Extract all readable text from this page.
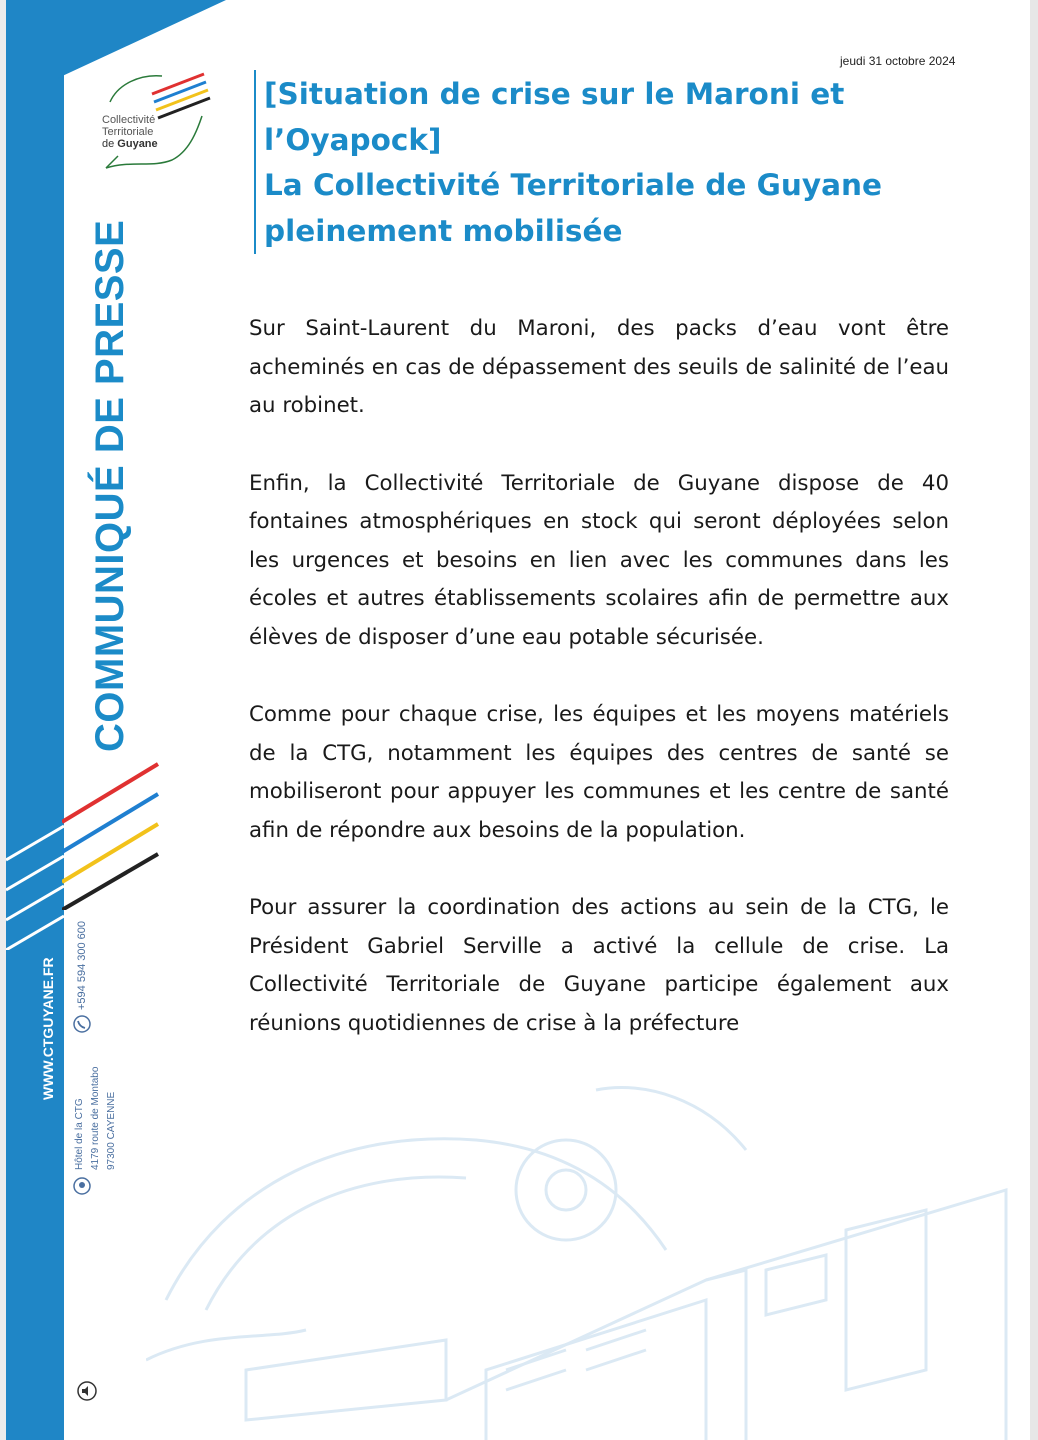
Collectivité
Territoriale
de Guyane
COMMUNIQUÉ DE PRESSE
WWW.CTGUYANE.FR +594 594 300 600
Hôtel de la CTG 4179 route de Montabo 97300 CAYENNE
jeudi 31 octobre 2024
[Situation de crise sur le Maroni et
l’Oyapock]
La Collectivité Territoriale de Guyane
pleinement mobilisée

Sur Saint-Laurent du Maroni, des packs d’eau vont être acheminés en cas de dépassement des seuils de salinité de l’eau au robinet.

Enfin, la Collectivité Territoriale de Guyane dispose de 40 fontaines atmosphériques en stock qui seront déployées selon les urgences et besoins en lien avec les communes dans les écoles et autres établissements scolaires afin de permettre aux élèves de disposer d’une eau potable sécurisée.

Comme pour chaque crise, les équipes et les moyens matériels de la CTG, notamment les équipes des centres de santé se mobiliseront pour appuyer les communes et les centre de santé afin de répondre aux besoins de la population.

Pour assurer la coordination des actions au sein de la CTG, le Président Gabriel Serville a activé la cellule de crise. La Collectivité Territoriale de Guyane participe également aux réunions quotidiennes de crise à la préfecture
